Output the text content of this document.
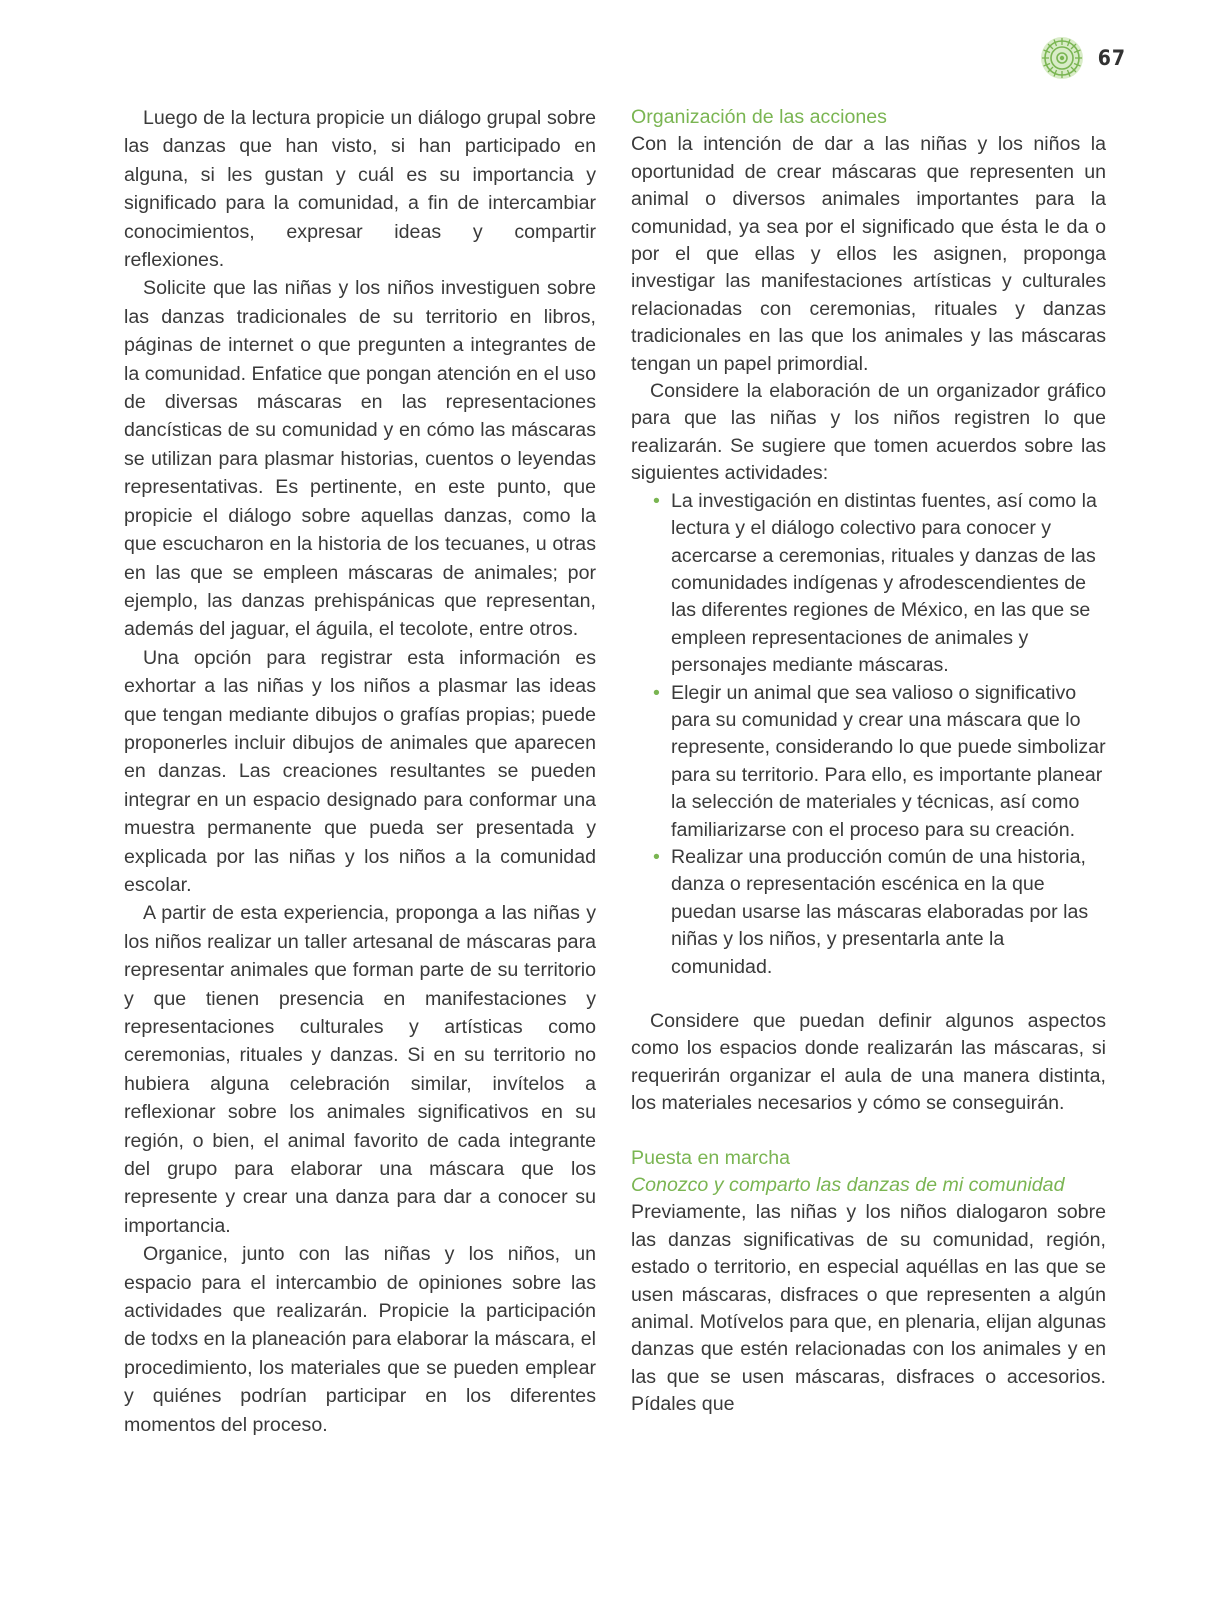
67

Luego de la lectura propicie un diálogo grupal sobre las danzas que han visto, si han participado en alguna, si les gustan y cuál es su importancia y significado para la comunidad, a fin de intercambiar conocimientos, expresar ideas y compartir reflexiones.

Solicite que las niñas y los niños investiguen sobre las danzas tradicionales de su territorio en libros, páginas de internet o que pregunten a integrantes de la comunidad. Enfatice que pongan atención en el uso de diversas máscaras en las representaciones dancísticas de su comunidad y en cómo las máscaras se utilizan para plasmar historias, cuentos o leyendas representativas. Es pertinente, en este punto, que propicie el diálogo sobre aquellas danzas, como la que escucharon en la historia de los tecuanes, u otras en las que se empleen máscaras de animales; por ejemplo, las danzas prehispánicas que representan, además del jaguar, el águila, el tecolote, entre otros.

Una opción para registrar esta información es exhortar a las niñas y los niños a plasmar las ideas que tengan mediante dibujos o grafías propias; puede proponerles incluir dibujos de animales que aparecen en danzas. Las creaciones resultantes se pueden integrar en un espacio designado para conformar una muestra permanente que pueda ser presentada y explicada por las niñas y los niños a la comunidad escolar.

A partir de esta experiencia, proponga a las niñas y los niños realizar un taller artesanal de máscaras para representar animales que forman parte de su territorio y que tienen presencia en manifestaciones y representaciones culturales y artísticas como ceremonias, rituales y danzas. Si en su territorio no hubiera alguna celebración similar, invítelos a reflexionar sobre los animales significativos en su región, o bien, el animal favorito de cada integrante del grupo para elaborar una máscara que los represente y crear una danza para dar a conocer su importancia.

Organice, junto con las niñas y los niños, un espacio para el intercambio de opiniones sobre las actividades que realizarán. Propicie la participación de todxs en la planeación para elaborar la máscara, el procedimiento, los materiales que se pueden emplear y quiénes podrían participar en los diferentes momentos del proceso.

Organización de las acciones

Con la intención de dar a las niñas y los niños la oportunidad de crear máscaras que representen un animal o diversos animales importantes para la comunidad, ya sea por el significado que ésta le da o por el que ellas y ellos les asignen, proponga investigar las manifestaciones artísticas y culturales relacionadas con ceremonias, rituales y danzas tradicionales en las que los animales y las máscaras tengan un papel primordial.

Considere la elaboración de un organizador gráfico para que las niñas y los niños registren lo que realizarán. Se sugiere que tomen acuerdos sobre las siguientes actividades:

• La investigación en distintas fuentes, así como la lectura y el diálogo colectivo para conocer y acercarse a ceremonias, rituales y danzas de las comunidades indígenas y afrodescendientes de las diferentes regiones de México, en las que se empleen representaciones de animales y personajes mediante máscaras.
• Elegir un animal que sea valioso o significativo para su comunidad y crear una máscara que lo represente, considerando lo que puede simbolizar para su territorio. Para ello, es importante planear la selección de materiales y técnicas, así como familiarizarse con el proceso para su creación.
• Realizar una producción común de una historia, danza o representación escénica en la que puedan usarse las máscaras elaboradas por las niñas y los niños, y presentarla ante la comunidad.

Considere que puedan definir algunos aspectos como los espacios donde realizarán las máscaras, si requerirán organizar el aula de una manera distinta, los materiales necesarios y cómo se conseguirán.

Puesta en marcha
Conozco y comparto las danzas de mi comunidad

Previamente, las niñas y los niños dialogaron sobre las danzas significativas de su comunidad, región, estado o territorio, en especial aquéllas en las que se usen máscaras, disfraces o que representen a algún animal. Motívelos para que, en plenaria, elijan algunas danzas que estén relacionadas con los animales y en las que se usen máscaras, disfraces o accesorios. Pídales que
